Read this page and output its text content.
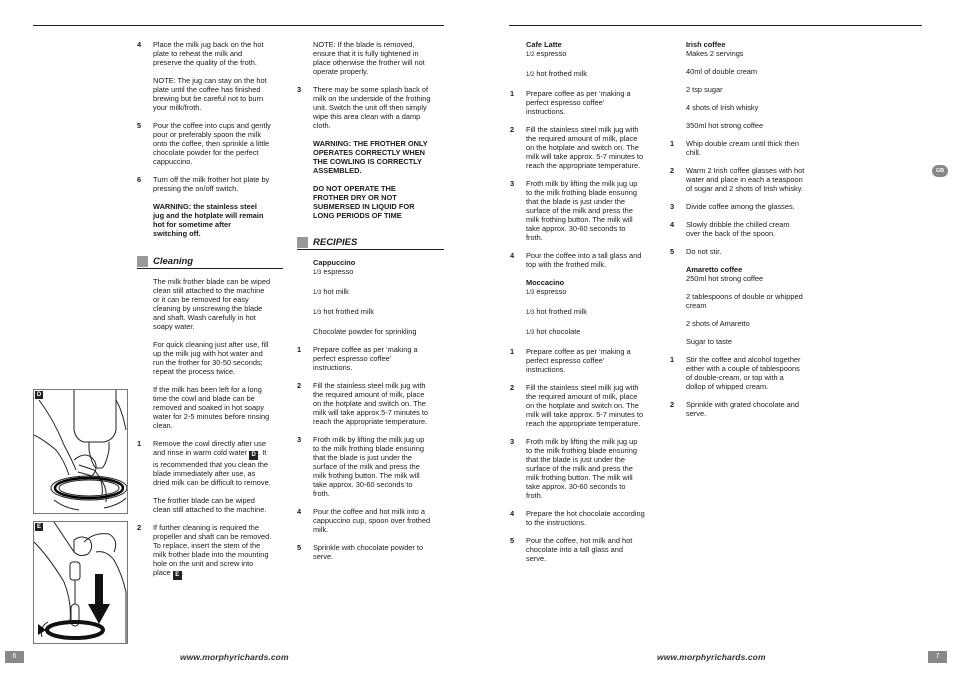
4 Place the milk jug back on the hot
plate to reheat the milk and
preserve the quality of the froth.
NOTE: The jug can stay on the hot
plate until the coffee has finished
brewing but be careful not to burn
your milk/froth.
5 Pour the coffee into cups and gently
pour or preferably spoon the milk
onto the coffee, then sprinkle a little
chocolate powder for the perfect
cappuccino.
6 Turn off the milk frother hot plate by
pressing the on/off switch.
WARNING: the stainless steel
jug and the hotplate will remain
hot for sometime after
switching off.
Cleaning
The milk frother blade can be wiped
clean still attached to the machine
or it can be removed for easy
cleaning by unscrewing the blade
and shaft. Wash carefully in hot
soapy water.
For quick cleaning just after use, fill
up the milk jug with hot water and
run the frother for 30-50 seconds;
repeat the process twice.
If the milk has been left for a long
time the cowl and blade can be
removed and soaked in hot soapy
water for 2-5 minutes before rinsing
clean.
1 Remove the cowl directly after use
and rinse in warm cold water D . It
is recommended that you clean the
blade immediately after use, as
dried milk can be difficult to remove.
The frother blade can be wiped
clean still attached to the machine.
2 If further cleaning is required the
propeller and shaft can be removed.
To replace, insert the stem of the
milk frother blade into the mounting
hole on the unit and screw into
place E .
D
E
NOTE: If the blade is removed,
ensure that it is fully tightened in
place otherwise the frother will not
operate properly.
3 There may be some splash back of
milk on the underside of the frothing
unit. Switch the unit off then simply
wipe this area clean with a damp
cloth.
WARNING: THE FROTHER ONLY
OPERATES CORRECTLY WHEN
THE COWLING IS CORRECTLY
ASSEMBLED.
DO NOT OPERATE THE
FROTHER DRY OR NOT
SUBMERSED IN LIQUID FOR
LONG PERIODS OF TIME
RECIPIES
Cappuccino
1/3 espresso
1/3 hot milk
1/3 hot frothed milk
Chocolate powder for sprinkling
1 Prepare coffee as per ‘making a
perfect espresso coffee’
instructions.
2 Fill the stainless steel milk jug with
the required amount of milk, place
on the hotplate and switch on. The
milk will take approx.5-7 minutes to
reach the appropriate temperature.
3 Froth milk by lifting the milk jug up
to the milk frothing blade ensuring
that the blade is just under the
surface of the milk and press the
milk frothing button. The milk will
take approx. 30-60 seconds to
froth.
4 Pour the coffee and hot milk into a
cappuccino cup, spoon over frothed
milk.
5 Sprinkle with chocolate powder to
serve.
Cafe Latte
1/2 espresso
1/2 hot frothed milk
1 Prepare coffee as per ‘making a
perfect espresso coffee’
instructions.
2 Fill the stainless steel milk jug with
the required amount of milk, place
on the hotplate and switch on. The
milk will take approx. 5-7 minutes to
reach the appropriate temperature.
3 Froth milk by lifting the milk jug up
to the milk frothing blade ensuring
that the blade is just under the
surface of the milk and press the
milk frothing button. The milk will
take approx. 30-60 seconds to
froth.
4 Pour the coffee into a tall glass and
top with the frothed milk.
Moccacino
1/3 espresso
1/3 hot frothed milk
1/3 hot chocolate
1 Prepare coffee as per ‘making a
perfect espresso coffee’
instructions.
2 Fill the stainless steel milk jug with
the required amount of milk, place
on the hotplate and switch on. The
milk will take approx. 5-7 minutes to
reach the appropriate temperature.
3 Froth milk by lifting the milk jug up
to the milk frothing blade ensuring
that the blade is just under the
surface of the milk and press the
milk frothing button. The milk will
take approx. 30-60 seconds to
froth.
4 Prepare the hot chocolate according
to the instructions.
5 Pour the coffee, hot milk and hot
chocolate into a tall glass and
serve.
Irish coffee
Makes 2 servings
40ml of double cream
2 tsp sugar
4 shots of Irish whisky
350ml hot strong coffee
1 Whip double cream until thick then
chill.
2 Warm 2 Irish coffee glasses with hot
water and place in each a teaspoon
of sugar and 2 shots of Irish whisky.
3 Divide coffee among the glasses.
4 Slowly dribble the chilled cream
over the back of the spoon.
5 Do not stir.
Amaretto coffee
250ml hot strong coffee
2 tablespoons of double or whipped
cream
2 shots of Amaretto
Sugar to taste
1 Stir the coffee and alcohol together
either with a couple of tablespoons
of double-cream, or top with a
dollop of whipped cream.
2 Sprinkle with grated chocolate and
serve.
GB
6	www.morphyrichards.com	www.morphyrichards.com	7
